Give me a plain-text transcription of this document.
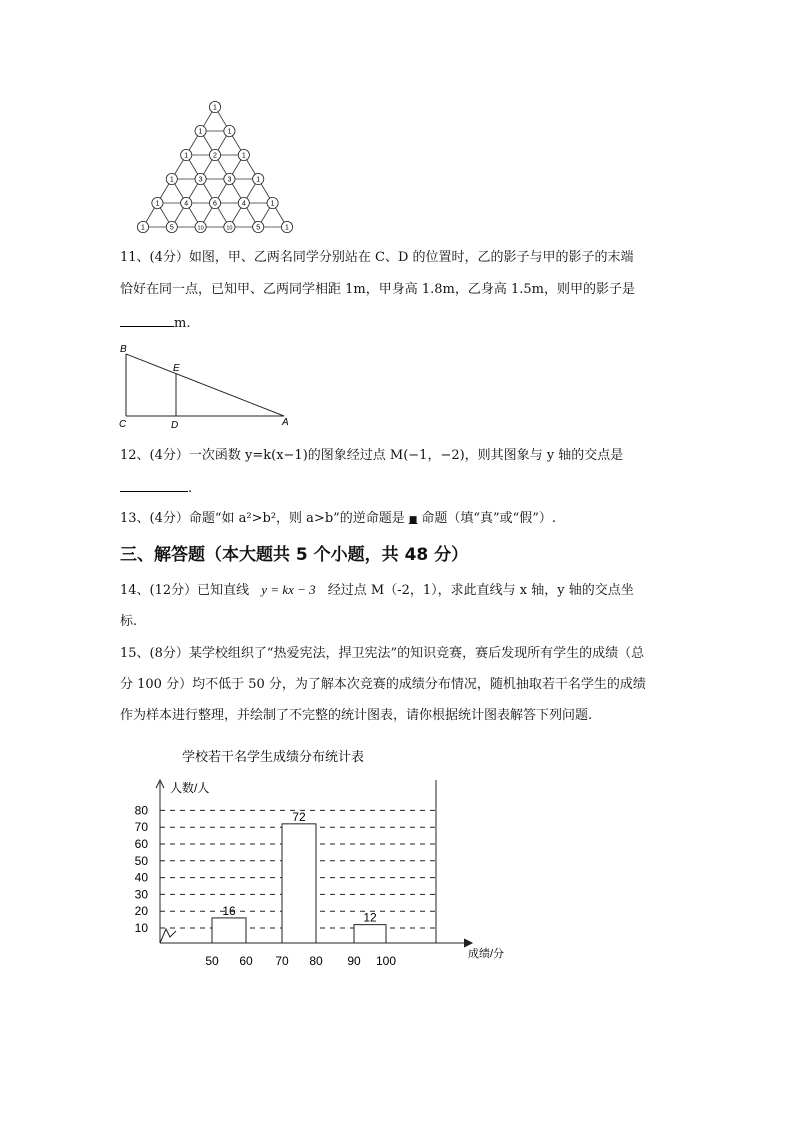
1
1	1
1	2	1
1	3	3	1
1	4	6	4	1
1	5	10	10	5	1
11、(4分）如图，甲、乙两名同学分别站在 C、D 的位置时，乙的影子与甲的影子的末端
恰好在同一点，已知甲、乙两同学相距 1m，甲身高 1.8m，乙身高 1.5m，则甲的影子是
m.
B
E
C	D	A
12、(4分）一次函数 y=k(x−1)的图象经过点 M(−1，−2)，则其图象与 y 轴的交点是
.
13、(4分）命题“如 a²>b²，则 a>b”的逆命题是 ■ 命题（填“真”或“假”）.
三、解答题（本大题共 5 个小题，共 48 分）
14、(12分）已知直线 y = kx − 3 经过点 M（-2，1），求此直线与 x 轴，y 轴的交点坐
标.
15、(8分）某学校组织了“热爱宪法，捍卫宪法”的知识竞赛，赛后发现所有学生的成绩（总
分 100 分）均不低于 50 分，为了解本次竞赛的成绩分布情况，随机抽取若干名学生的成绩
作为样本进行整理，并绘制了不完整的统计图表，请你根据统计图表解答下列问题.
学校若干名学生成绩分布统计表
人数/人
成绩/分
10
20
30
40
50
60
70
80
50 60 70 80 90 100
16
72
12
